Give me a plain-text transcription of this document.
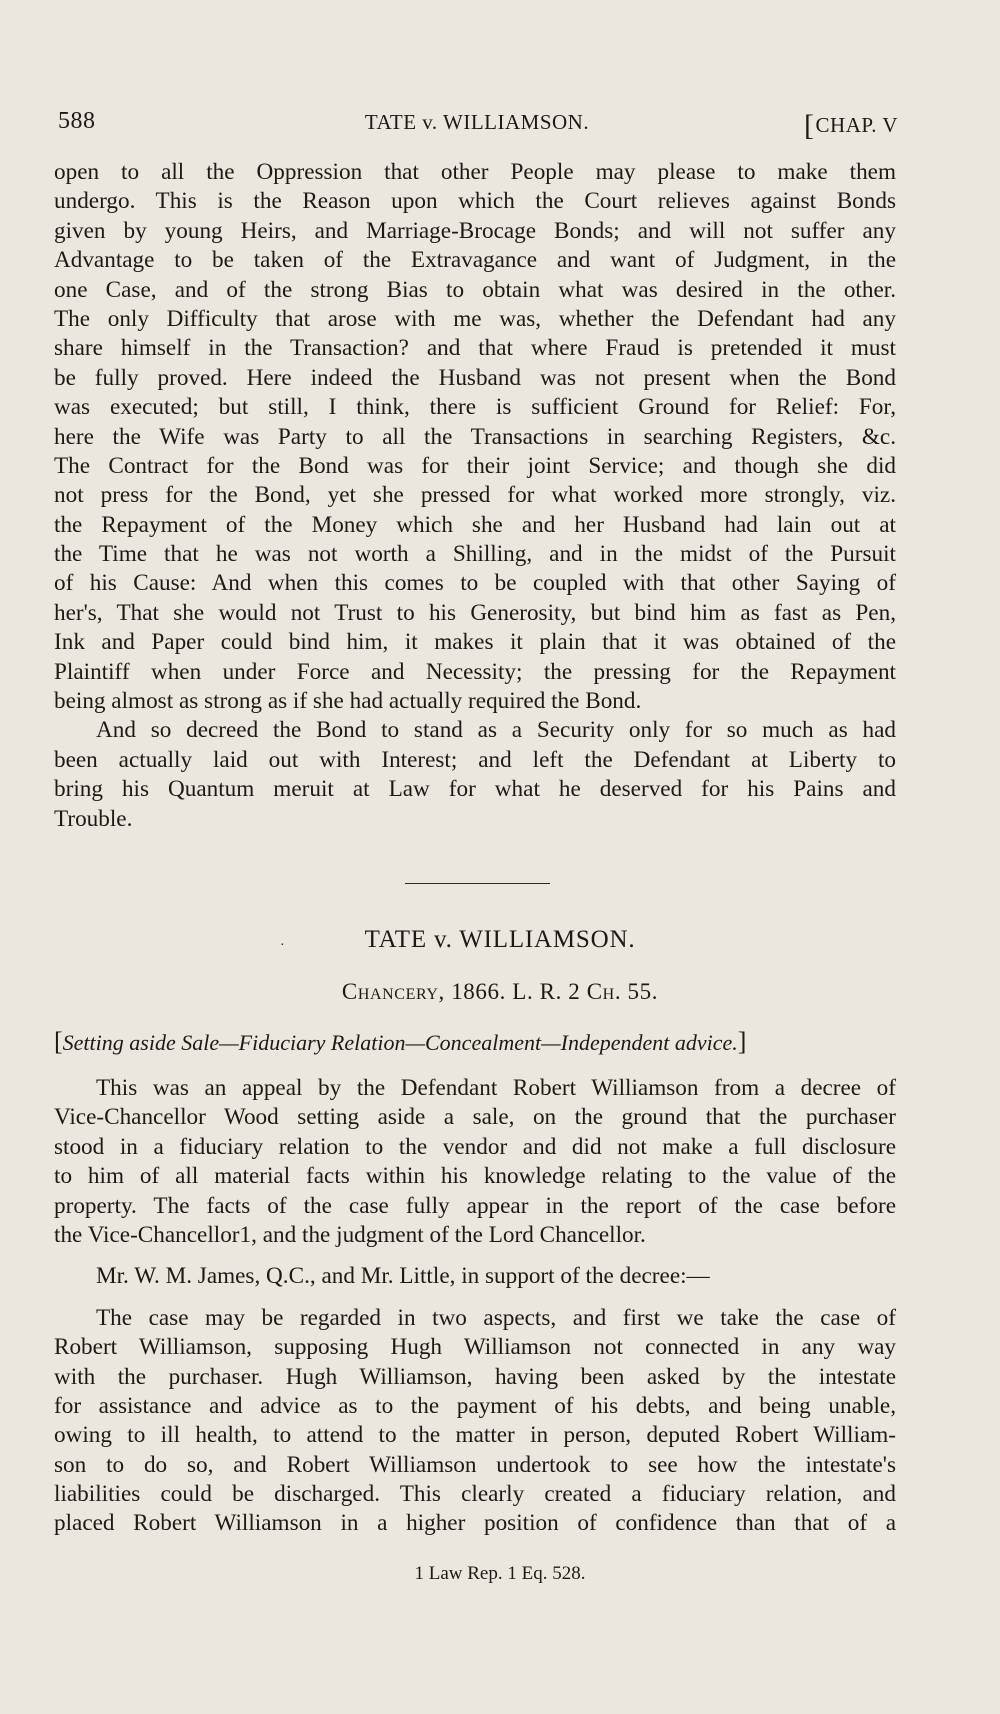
588	TATE v. WILLIAMSON.	[CHAP. V
open to all the Oppression that other People may please to make them
undergo. This is the Reason upon which the Court relieves against Bonds
given by young Heirs, and Marriage-Brocage Bonds; and will not suffer any
Advantage to be taken of the Extravagance and want of Judgment, in the
one Case, and of the strong Bias to obtain what was desired in the other.
The only Difficulty that arose with me was, whether the Defendant had any
share himself in the Transaction? and that where Fraud is pretended it must
be fully proved. Here indeed the Husband was not present when the Bond
was executed; but still, I think, there is sufficient Ground for Relief: For,
here the Wife was Party to all the Transactions in searching Registers, &c.
The Contract for the Bond was for their joint Service; and though she did
not press for the Bond, yet she pressed for what worked more strongly, viz.
the Repayment of the Money which she and her Husband had lain out at
the Time that he was not worth a Shilling, and in the midst of the Pursuit
of his Cause: And when this comes to be coupled with that other Saying of
her's, That she would not Trust to his Generosity, but bind him as fast as Pen,
Ink and Paper could bind him, it makes it plain that it was obtained of the
Plaintiff when under Force and Necessity; the pressing for the Repayment
being almost as strong as if she had actually required the Bond.
And so decreed the Bond to stand as a Security only for so much as had
been actually laid out with Interest; and left the Defendant at Liberty to
bring his Quantum meruit at Law for what he deserved for his Pains and
Trouble.
·	TATE v. WILLIAMSON.
Chancery, 1866. L. R. 2 Ch. 55.
[Setting aside Sale—Fiduciary Relation—Concealment—Independent advice.]
This was an appeal by the Defendant Robert Williamson from a decree of
Vice-Chancellor Wood setting aside a sale, on the ground that the purchaser
stood in a fiduciary relation to the vendor and did not make a full disclosure
to him of all material facts within his knowledge relating to the value of the
property. The facts of the case fully appear in the report of the case before
the Vice-Chancellor1, and the judgment of the Lord Chancellor.
Mr. W. M. James, Q.C., and Mr. Little, in support of the decree:—
The case may be regarded in two aspects, and first we take the case of
Robert Williamson, supposing Hugh Williamson not connected in any way
with the purchaser. Hugh Williamson, having been asked by the intestate
for assistance and advice as to the payment of his debts, and being unable,
owing to ill health, to attend to the matter in person, deputed Robert William-
son to do so, and Robert Williamson undertook to see how the intestate's
liabilities could be discharged. This clearly created a fiduciary relation, and
placed Robert Williamson in a higher position of confidence than that of a
1 Law Rep. 1 Eq. 528.
